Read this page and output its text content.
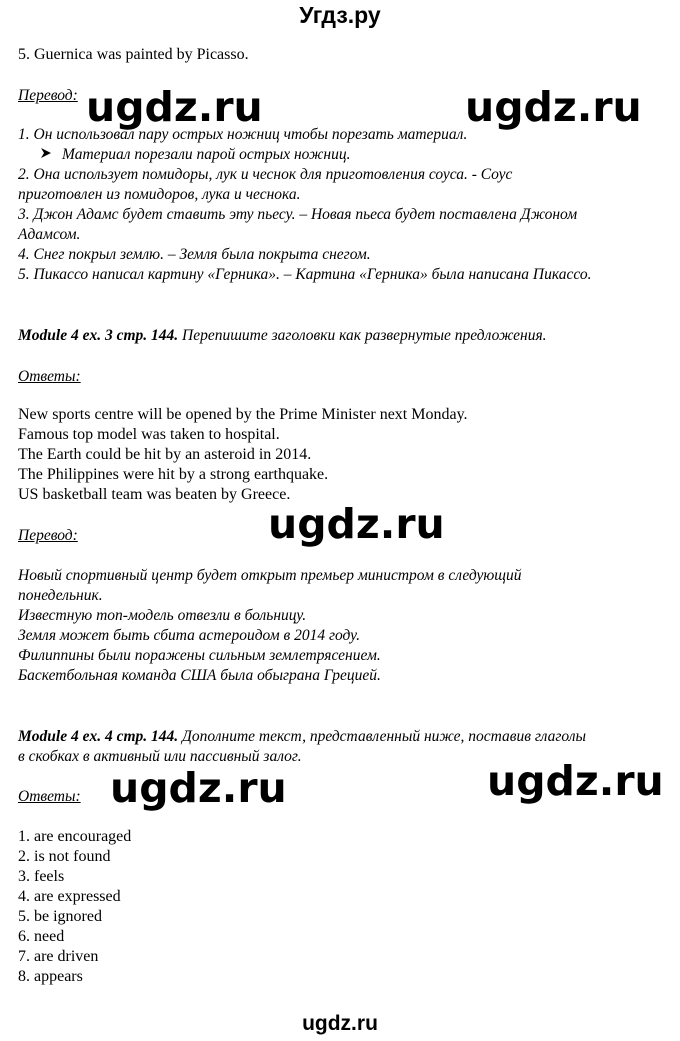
Угдз.ру
5. Guernica was painted by Picasso.
Перевод: ugdz.ru	ugdz.ru
1. Он использовал пару острых ножниц чтобы порезать материал.
Материал порезали парой острых ножниц.
2. Она использует помидоры, лук и чеснок для приготовления соуса. - Соус
приготовлен из помидоров, лука и чеснока.
3. Джон Адамс будет ставить эту пьесу. – Новая пьеса будет поставлена Джоном
Адамсом.
4. Снег покрыл землю. – Земля была покрыта снегом.
5. Пикассо написал картину «Герника». – Картина «Герника» была написана Пикассо.
Module 4 ex. 3 стр. 144. Перепишите заголовки как развернутые предложения.
Ответы:
New sports centre will be opened by the Prime Minister next Monday.
Famous top model was taken to hospital.
The Earth could be hit by an asteroid in 2014.
The Philippines were hit by a strong earthquake.
US basketball team was beaten by Greece.
ugdz.ru
Перевод:
Новый спортивный центр будет открыт премьер министром в следующий
понедельник.
Известную топ-модель отвезли в больницу.
Земля может быть сбита астероидом в 2014 году.
Филиппины были поражены сильным землетрясением.
Баскетбольная команда США была обыграна Грецией.
Module 4 ex. 4 стр. 144. Дополните текст, представленный ниже, поставив глаголы
в скобках в активный или пассивный залог.
ugdz.ru	ugdz.ru
Ответы:
1. are encouraged
2. is not found
3. feels
4. are expressed
5. be ignored
6. need
7. are driven
8. appears
ugdz.ru
